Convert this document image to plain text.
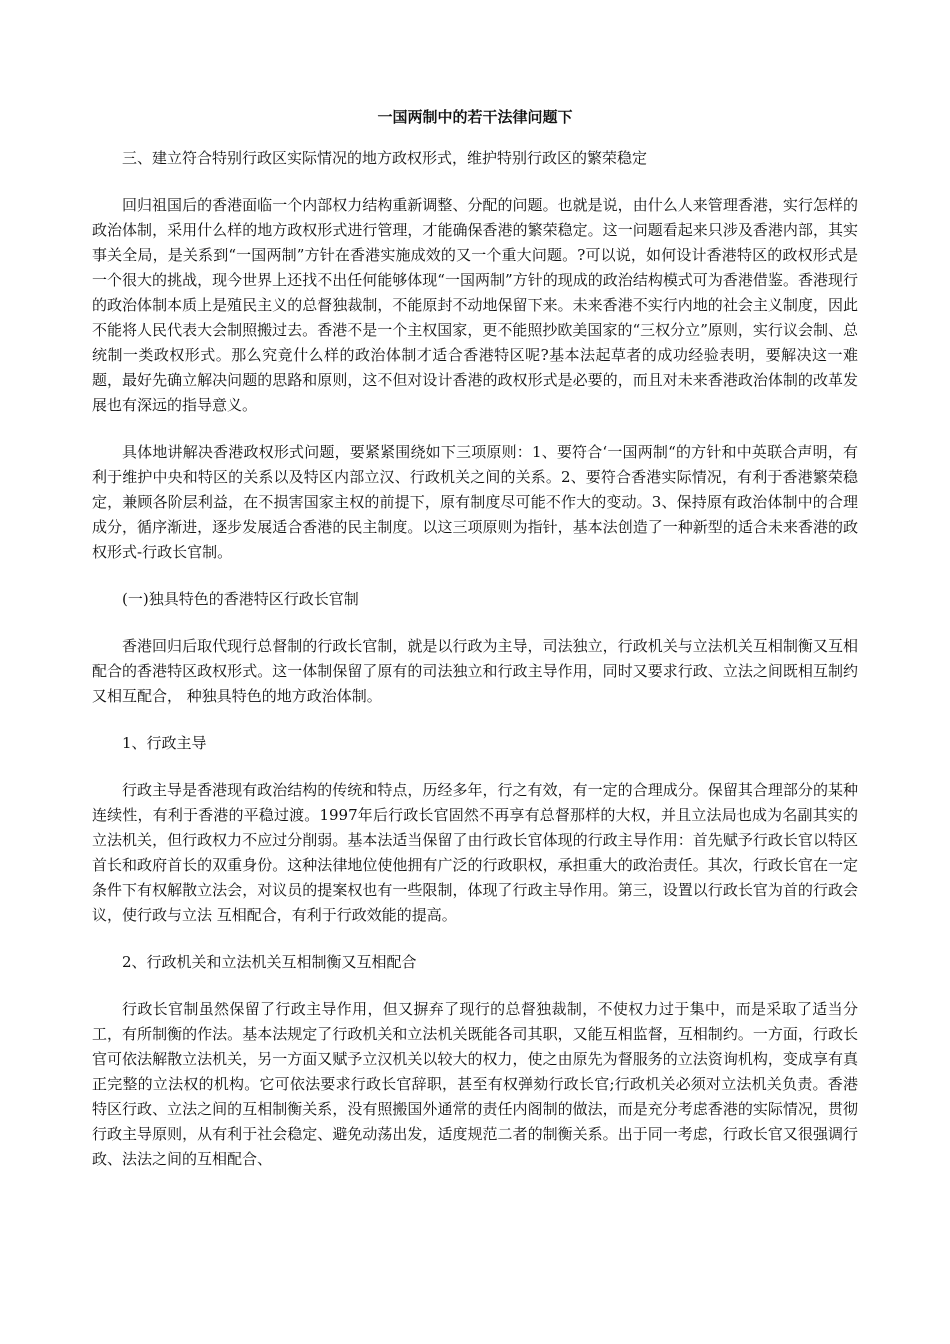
一国两制中的若干法律问题下

三、建立符合特别行政区实际情况的地方政权形式，维护特别行政区的繁荣稳定

回归祖国后的香港面临一个内部权力结构重新调整、分配的问题。也就是说，由什么人来管理香港，实行怎样的政治体制，采用什么样的地方政权形式进行管理，才能确保香港的繁荣稳定。这一问题看起来只涉及香港内部，其实事关全局，是关系到“一国两制”方针在香港实施成效的又一个重大问题。?可以说，如何设计香港特区的政权形式是一个很大的挑战，现今世界上还找不出任何能够体现“一国两制”方针的现成的政治结构模式可为香港借鉴。香港现行的政治体制本质上是殖民主义的总督独裁制，不能原封不动地保留下来。未来香港不实行内地的社会主义制度，因此不能将人民代表大会制照搬过去。香港不是一个主权国家，更不能照抄欧美国家的“三权分立”原则，实行议会制、总统制一类政权形式。那么究竟什么样的政治体制才适合香港特区呢?基本法起草者的成功经验表明，要解决这一难题，最好先确立解决问题的思路和原则，这不但对设计香港的政权形式是必要的，而且对未来香港政治体制的改革发展也有深远的指导意义。

具体地讲解决香港政权形式问题，要紧紧围绕如下三项原则：1、要符合‘一国两制“的方针和中英联合声明，有利于维护中央和特区的关系以及特区内部立汉、行政机关之间的关系。2、要符合香港实际情况，有利于香港繁荣稳定，兼顾各阶层利益，在不损害国家主权的前提下，原有制度尽可能不作大的变动。3、保持原有政治体制中的合理成分，循序渐进，逐步发展适合香港的民主制度。以这三项原则为指针，基本法创造了一种新型的适合未来香港的政权形式-行政长官制。

(一)独具特色的香港特区行政长官制

香港回归后取代现行总督制的行政长官制，就是以行政为主导，司法独立，行政机关与立法机关互相制衡又互相配合的香港特区政权形式。这一体制保留了原有的司法独立和行政主导作用，同时又要求行政、立法之间既相互制约又相互配合， 种独具特色的地方政治体制。

1、行政主导

行政主导是香港现有政治结构的传统和特点，历经多年，行之有效，有一定的合理成分。保留其合理部分的某种连续性，有利于香港的平稳过渡。1997年后行政长官固然不再享有总督那样的大权，并且立法局也成为名副其实的立法机关，但行政权力不应过分削弱。基本法适当保留了由行政长官体现的行政主导作用：首先赋予行政长官以特区首长和政府首长的双重身份。这种法律地位使他拥有广泛的行政职权，承担重大的政治责任。其次，行政长官在一定条件下有权解散立法会，对议员的提案权也有一些限制，体现了行政主导作用。第三，设置以行政长官为首的行政会议，使行政与立法 互相配合，有利于行政效能的提高。

2、行政机关和立法机关互相制衡又互相配合

行政长官制虽然保留了行政主导作用，但又摒弃了现行的总督独裁制，不使权力过于集中，而是采取了适当分工，有所制衡的作法。基本法规定了行政机关和立法机关既能各司其职，又能互相监督，互相制约。一方面，行政长官可依法解散立法机关，另一方面又赋予立汉机关以较大的权力，使之由原先为督服务的立法资询机构，变成享有真正完整的立法权的机构。它可依法要求行政长官辞职，甚至有权弹劾行政长官;行政机关必须对立法机关负责。香港特区行政、立法之间的互相制衡关系，没有照搬国外通常的责任内阁制的做法，而是充分考虑香港的实际情况，贯彻行政主导原则，从有利于社会稳定、避免动荡出发，适度规范二者的制衡关系。出于同一考虑，行政长官又很强调行政、法法之间的互相配合、
